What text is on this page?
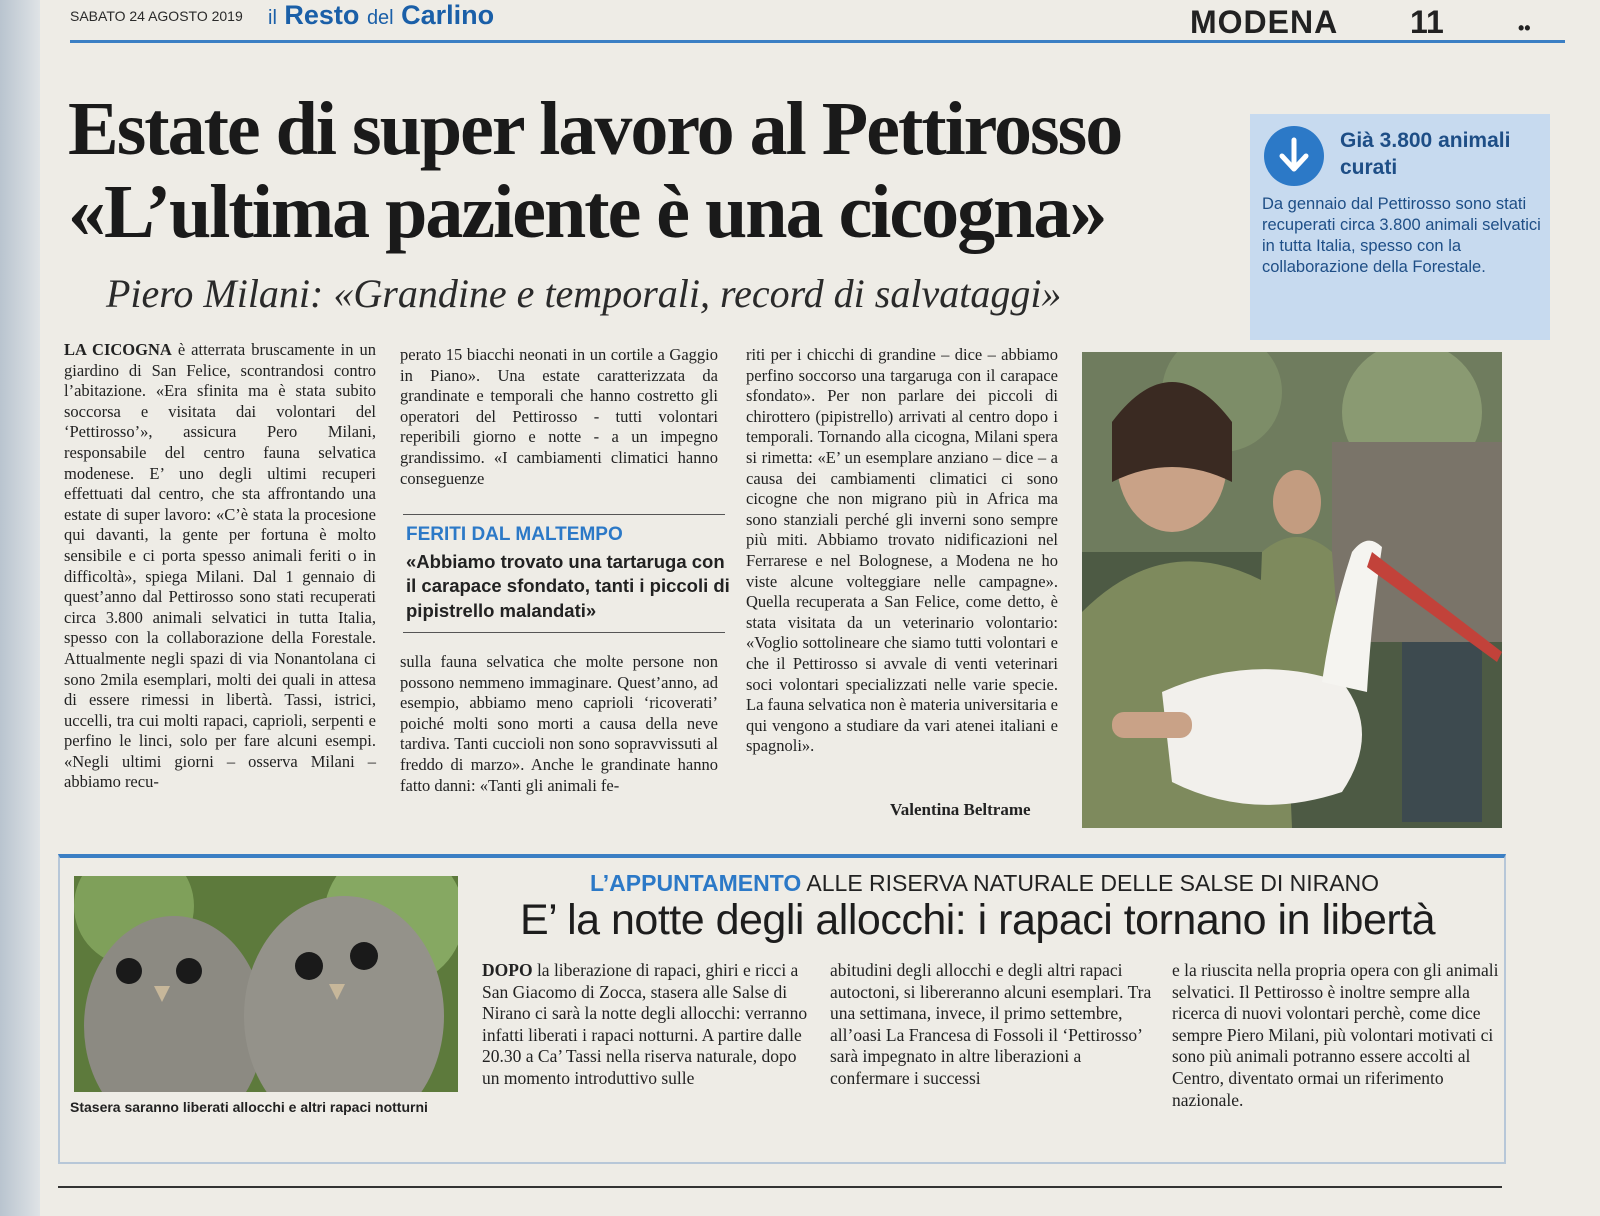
SABATO 24 AGOSTO 2019 il Resto del Carlino	MODENA 11	••
Estate di super lavoro al Pettirosso
«L’ultima paziente è una cicogna»
Piero Milani: «Grandine e temporali, record di salvataggi»
Già 3.800 animali curati
Da gennaio dal Pettirosso sono stati recuperati circa 3.800 animali selvatici in tutta Italia, spesso con la collaborazione della Forestale.
LA CICOGNA è atterrata bruscamente in un giardino di San Felice, scontrandosi contro l’abitazione. «Era sfinita ma è stata subito soccorsa e visitata dai volontari del ‘Pettirosso’», assicura Pero Milani, responsabile del centro fauna selvatica modenese. E’ uno degli ultimi recuperi effettuati dal centro, che sta affrontando una estate di super lavoro: «C’è stata la procesione qui davanti, la gente per fortuna è molto sensibile e ci porta spesso animali feriti o in difficoltà», spiega Milani. Dal 1 gennaio di quest’anno dal Pettirosso sono stati recuperati circa 3.800 animali selvatici in tutta Italia, spesso con la collaborazione della Forestale. Attualmente negli spazi di via Nonantolana ci sono 2mila esemplari, molti dei quali in attesa di essere rimessi in libertà. Tassi, istrici, uccelli, tra cui molti rapaci, caprioli, serpenti e perfino le linci, solo per fare alcuni esempi. «Negli ultimi giorni – osserva Milani – abbiamo recu-
perato 15 biacchi neonati in un cortile a Gaggio in Piano». Una estate caratterizzata da grandinate e temporali che hanno costretto gli operatori del Pettirosso - tutti volontari reperibili giorno e notte - a un impegno grandissimo. «I cambiamenti climatici hanno conseguenze
FERITI DAL MALTEMPO
«Abbiamo trovato una tartaruga con il carapace sfondato, tanti i piccoli di pipistrello malandati»
sulla fauna selvatica che molte persone non possono nemmeno immaginare. Quest’anno, ad esempio, abbiamo meno caprioli ‘ricoverati’ poiché molti sono morti a causa della neve tardiva. Tanti cuccioli non sono sopravvissuti al freddo di marzo». Anche le grandinate hanno fatto danni: «Tanti gli animali fe-
riti per i chicchi di grandine – dice – abbiamo perfino soccorso una targaruga con il carapace sfondato». Per non parlare dei piccoli di chirottero (pipistrello) arrivati al centro dopo i temporali. Tornando alla cicogna, Milani spera si rimetta: «E’ un esemplare anziano – dice – a causa dei cambiamenti climatici ci sono cicogne che non migrano più in Africa ma sono stanziali perché gli inverni sono sempre più miti. Abbiamo trovato nidificazioni nel Ferrarese e nel Bolognese, a Modena ne ho viste alcune volteggiare nelle campagne». Quella recuperata a San Felice, come detto, è stata visitata da un veterinario volontario: «Voglio sottolineare che siamo tutti volontari e che il Pettirosso si avvale di venti veterinari soci volontari specializzati nelle varie specie. La fauna selvatica non è materia universitaria e qui vengono a studiare da vari atenei italiani e spagnoli».
Valentina Beltrame
Stasera saranno liberati allocchi e altri rapaci notturni
L’APPUNTAMENTO ALLE RISERVA NATURALE DELLE SALSE DI NIRANO
E’ la notte degli allocchi: i rapaci tornano in libertà
DOPO la liberazione di rapaci, ghiri e ricci a San Giacomo di Zocca, stasera alle Salse di Nirano ci sarà la notte degli allocchi: verranno infatti liberati i rapaci notturni. A partire dalle 20.30 a Ca’ Tassi nella riserva naturale, dopo un momento introduttivo sulle
abitudini degli allocchi e degli altri rapaci autoctoni, si libereranno alcuni esemplari. Tra una settimana, invece, il primo settembre, all’oasi La Francesa di Fossoli il ‘Pettirosso’ sarà impegnato in altre liberazioni a confermare i successi
e la riuscita nella propria opera con gli animali selvatici. Il Pettirosso è inoltre sempre alla ricerca di nuovi volontari perchè, come dice sempre Piero Milani, più volontari motivati ci sono più animali potranno essere accolti al Centro, diventato ormai un riferimento nazionale.
